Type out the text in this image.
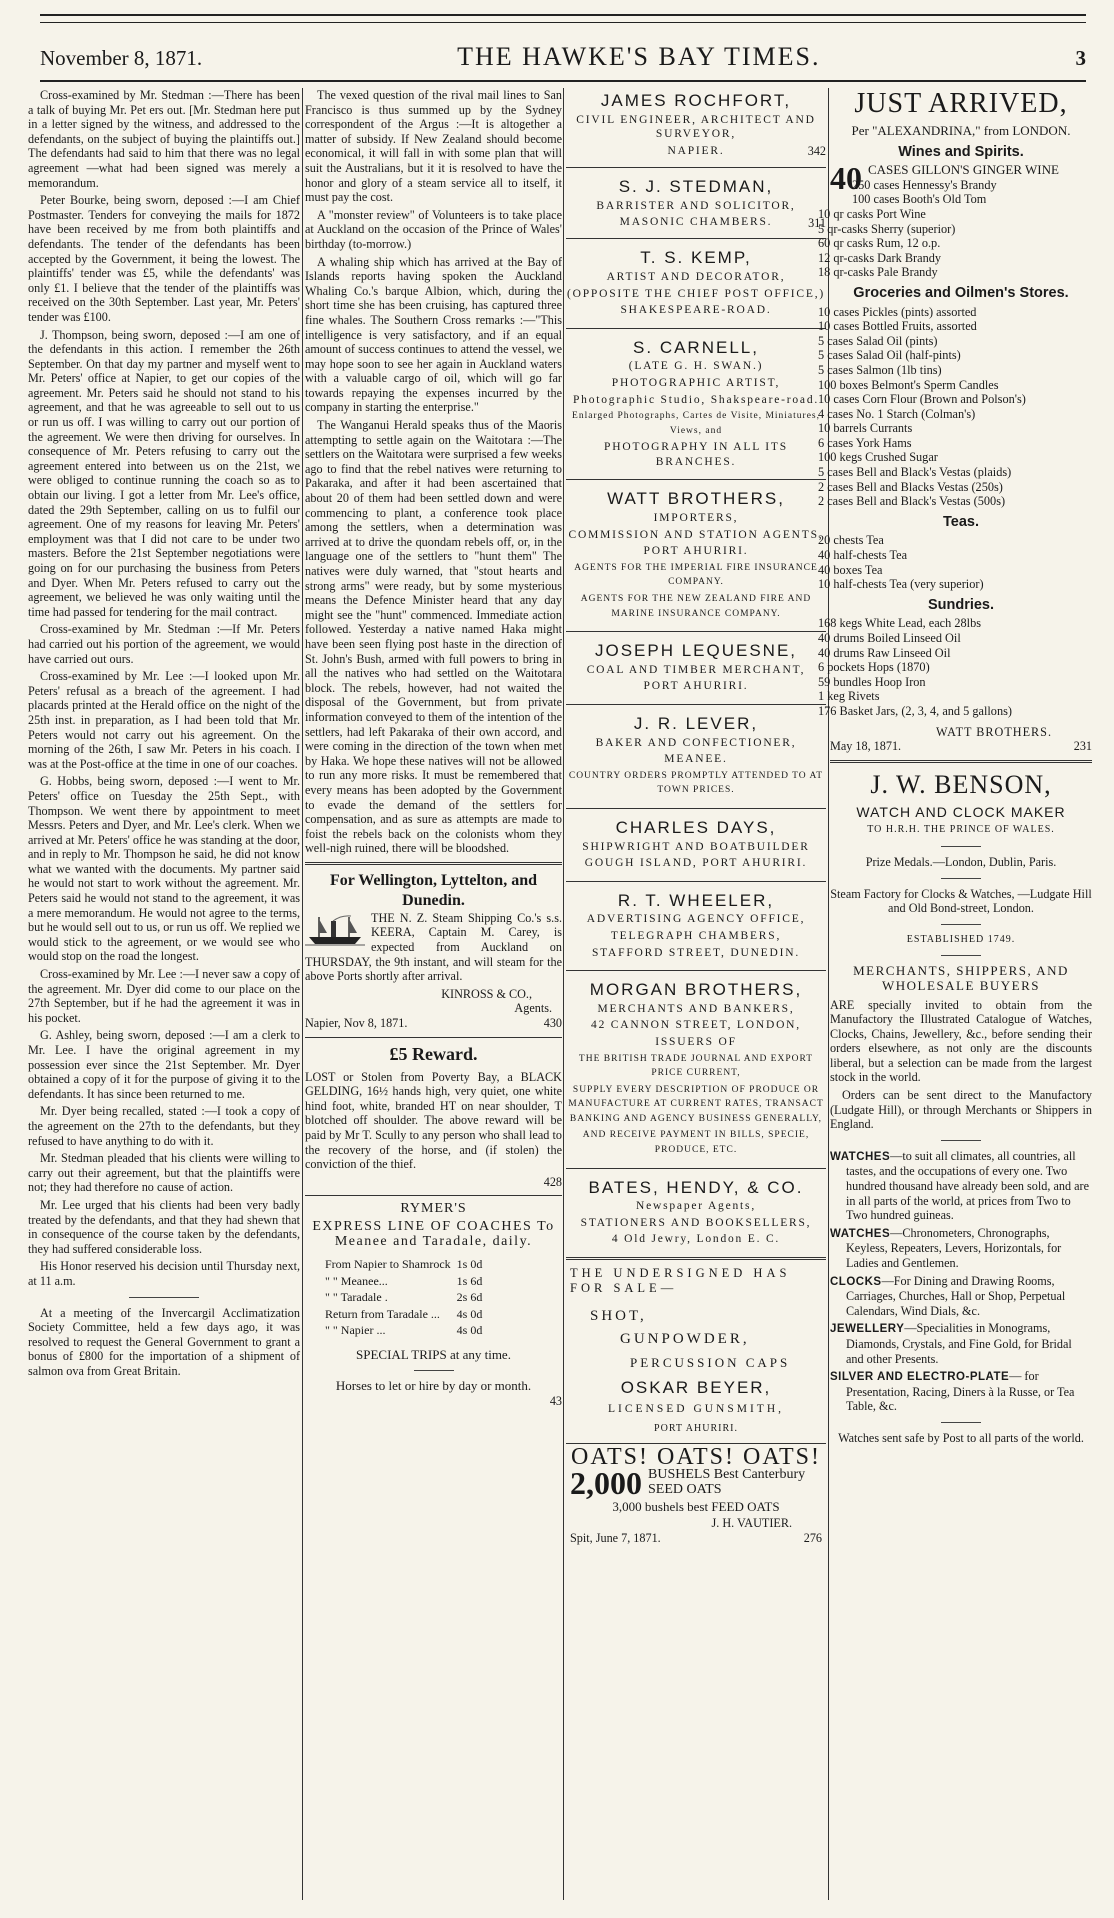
November 8, 1871.	THE HAWKE'S BAY TIMES.	3

Cross-examined by Mr. Stedman :—There has been a talk of buying Mr. Pet ers out. [Mr. Stedman here put in a letter signed by the witness, and addressed to the defendants, on the subject of buying the plaintiffs out.] The defendants had said to him that there was no legal agreement —what had been signed was merely a memorandum.

Peter Bourke, being sworn, deposed :—I am Chief Postmaster. Tenders for conveying the mails for 1872 have been received by me from both plaintiffs and defendants. The tender of the defendants has been accepted by the Government, it being the lowest. The plaintiffs' tender was £5, while the defendants' was only £1. I believe that the tender of the plaintiffs was received on the 30th September. Last year, Mr. Peters' tender was £100.

J. Thompson, being sworn, deposed :—I am one of the defendants in this action. I remember the 26th September. On that day my partner and myself went to Mr. Peters' office at Napier, to get our copies of the agreement. Mr. Peters said he should not stand to his agreement, and that he was agreeable to sell out to us or run us off. I was willing to carry out our portion of the agreement. We were then driving for ourselves. In consequence of Mr. Peters refusing to carry out the agreement entered into between us on the 21st, we were obliged to continue running the coach so as to obtain our living. I got a letter from Mr. Lee's office, dated the 29th September, calling on us to fulfil our agreement. One of my reasons for leaving Mr. Peters' employment was that I did not care to be under two masters. Before the 21st September negotiations were going on for our purchasing the business from Peters and Dyer. When Mr. Peters refused to carry out the agreement, we believed he was only waiting until the time had passed for tendering for the mail contract.

Cross-examined by Mr. Stedman :—If Mr. Peters had carried out his portion of the agreement, we would have carried out ours.

Cross-examined by Mr. Lee :—I looked upon Mr. Peters' refusal as a breach of the agreement. I had placards printed at the Herald office on the night of the 25th inst. in preparation, as I had been told that Mr. Peters would not carry out his agreement. On the morning of the 26th, I saw Mr. Peters in his coach. I was at the Post-office at the time in one of our coaches.

G. Hobbs, being sworn, deposed :—I went to Mr. Peters' office on Tuesday the 25th Sept., with Thompson. We went there by appointment to meet Messrs. Peters and Dyer, and Mr. Lee's clerk. When we arrived at Mr. Peters' office he was standing at the door, and in reply to Mr. Thompson he said, he did not know what we wanted with the documents. My partner said he would not start to work without the agreement. Mr. Peters said he would not stand to the agreement, it was a mere memorandum. He would not agree to the terms, but he would sell out to us, or run us off. We replied we would stick to the agreement, or we would see who would stop on the road the longest.

Cross-examined by Mr. Lee :—I never saw a copy of the agreement. Mr. Dyer did come to our place on the 27th September, but if he had the agreement it was in his pocket.

G. Ashley, being sworn, deposed :—I am a clerk to Mr. Lee. I have the original agreement in my possession ever since the 21st September. Mr. Dyer obtained a copy of it for the purpose of giving it to the defendants. It has since been returned to me.

Mr. Dyer being recalled, stated :—I took a copy of the agreement on the 27th to the defendants, but they refused to have anything to do with it.

Mr. Stedman pleaded that his clients were willing to carry out their agreement, but that the plaintiffs were not; they had therefore no cause of action.

Mr. Lee urged that his clients had been very badly treated by the defendants, and that they had shewn that in consequence of the course taken by the defendants, they had suffered considerable loss.

His Honor reserved his decision until Thursday next, at 11 a.m.

At a meeting of the Invercargil Acclimatization Society Committee, held a few days ago, it was resolved to request the General Government to grant a bonus of £800 for the importation of a shipment of salmon ova from Great Britain.

The vexed question of the rival mail lines to San Francisco is thus summed up by the Sydney correspondent of the Argus :—It is altogether a matter of subsidy. If New Zealand should become economical, it will fall in with some plan that will suit the Australians, but it it is resolved to have the honor and glory of a steam service all to itself, it must pay the cost.

A "monster review" of Volunteers is to take place at Auckland on the occasion of the Prince of Wales' birthday (to-morrow.)

A whaling ship which has arrived at the Bay of Islands reports having spoken the Auckland Whaling Co.'s barque Albion, which, during the short time she has been cruising, has captured three fine whales. The Southern Cross remarks :—"This intelligence is very satisfactory, and if an equal amount of success continues to attend the vessel, we may hope soon to see her again in Auckland waters with a valuable cargo of oil, which will go far towards repaying the expenses incurred by the company in starting the enterprise."

The Wanganui Herald speaks thus of the Maoris attempting to settle again on the Waitotara :—The settlers on the Waitotara were surprised a few weeks ago to find that the rebel natives were returning to Pakaraka, and after it had been ascertained that about 20 of them had been settled down and were commencing to plant, a conference took place among the settlers, when a determination was arrived at to drive the quondam rebels off, or, in the language one of the settlers to "hunt them" The natives were duly warned, that "stout hearts and strong arms" were ready, but by some mysterious means the Defence Minister heard that any day might see the "hunt" commenced. Immediate action followed. Yesterday a native named Haka might have been seen flying post haste in the direction of St. John's Bush, armed with full powers to bring in all the natives who had settled on the Waitotara block. The rebels, however, had not waited the disposal of the Government, but from private information conveyed to them of the intention of the settlers, had left Pakaraka of their own accord, and were coming in the direction of the town when met by Haka. We hope these natives will not be allowed to run any more risks. It must be remembered that every means has been adopted by the Government to evade the demand of the settlers for compensation, and as sure as attempts are made to foist the rebels back on the colonists whom they well-nigh ruined, there will be bloodshed.

For Wellington, Lyttelton, and Dunedin.

THE N. Z. Steam Shipping Co.'s s.s. KEERA, Captain M. Carey, is expected from Auckland on THURSDAY, the 9th instant, and will steam for the above Ports shortly after arrival.

KINROSS & CO.,
Agents.
Napier, Nov 8, 1871.	430
£5 Reward.

LOST or Stolen from Poverty Bay, a BLACK GELDING, 16½ hands high, very quiet, one white hind foot, white, branded HT on near shoulder, T blotched off shoulder. The above reward will be paid by Mr T. Scully to any person who shall lead to the recovery of the horse, and (if stolen) the conviction of the thief.

428
RYMER'S
EXPRESS LINE OF COACHES To Meanee and Taradale, daily.
From Napier to Shamrock	1s 0d
" " Meanee...	1s 6d
" " Taradale .	2s 6d
Return from Taradale ...	4s 0d
" " Napier ...	4s 0d
SPECIAL TRIPS at any time.
Horses to let or hire by day or month.
43
JAMES ROCHFORT,
CIVIL ENGINEER, ARCHITECT AND SURVEYOR,
NAPIER.	342
S. J. STEDMAN,
BARRISTER AND SOLICITOR,
MASONIC CHAMBERS.	311
T. S. KEMP,
ARTIST AND DECORATOR,
(OPPOSITE THE CHIEF POST OFFICE,)
SHAKESPEARE-ROAD.
S. CARNELL,
(LATE G. H. SWAN.)
PHOTOGRAPHIC ARTIST,
Photographic Studio, Shakspeare-road.
Enlarged Photographs, Cartes de Visite, Miniatures, Views, and
PHOTOGRAPHY IN ALL ITS BRANCHES.
WATT BROTHERS,
IMPORTERS,
COMMISSION AND STATION AGENTS,
PORT AHURIRI.
AGENTS FOR THE IMPERIAL FIRE INSURANCE COMPANY.
AGENTS FOR THE NEW ZEALAND FIRE AND MARINE INSURANCE COMPANY.
JOSEPH LEQUESNE,
COAL AND TIMBER MERCHANT,
PORT AHURIRI.
J. R. LEVER,
BAKER AND CONFECTIONER,
MEANEE.
COUNTRY ORDERS PROMPTLY ATTENDED TO AT TOWN PRICES.
CHARLES DAYS,
SHIPWRIGHT AND BOATBUILDER
GOUGH ISLAND, PORT AHURIRI.
R. T. WHEELER,
ADVERTISING AGENCY OFFICE,
TELEGRAPH CHAMBERS,
STAFFORD STREET, DUNEDIN.
MORGAN BROTHERS,
MERCHANTS AND BANKERS,
42 CANNON STREET, LONDON,
ISSUERS OF
THE BRITISH TRADE JOURNAL AND EXPORT PRICE CURRENT,
SUPPLY EVERY DESCRIPTION OF PRODUCE OR MANUFACTURE AT CURRENT RATES, TRANSACT BANKING AND AGENCY BUSINESS GENERALLY,
AND RECEIVE PAYMENT IN BILLS, SPECIE, PRODUCE, ETC.
BATES, HENDY, & CO.
Newspaper Agents,
STATIONERS AND BOOKSELLERS,
4 Old Jewry, London E. C.
THE UNDERSIGNED HAS FOR SALE—
SHOT,
GUNPOWDER,
PERCUSSION CAPS
OSKAR BEYER,
LICENSED GUNSMITH,
PORT AHURIRI.
OATS! OATS! OATS!
2,000 BUSHELS Best Canterbury SEED OATS
3,000 bushels best FEED OATS
J. H. VAUTIER.
Spit, June 7, 1871.	276
JUST ARRIVED,
Per "ALEXANDRINA," from LONDON.
Wines and Spirits.
40 CASES GILLON'S GINGER WINE
250 cases Hennessy's Brandy
100 cases Booth's Old Tom
10 qr casks Port Wine
5 qr-casks Sherry (superior)
60 qr casks Rum, 12 o.p.
12 qr-casks Dark Brandy
18 qr-casks Pale Brandy
Groceries and Oilmen's Stores.
10 cases Pickles (pints) assorted
10 cases Bottled Fruits, assorted
5 cases Salad Oil (pints)
5 cases Salad Oil (half-pints)
5 cases Salmon (1lb tins)
100 boxes Belmont's Sperm Candles
10 cases Corn Flour (Brown and Polson's)
4 cases No. 1 Starch (Colman's)
10 barrels Currants
6 cases York Hams
100 kegs Crushed Sugar
5 cases Bell and Black's Vestas (plaids)
2 cases Bell and Blacks Vestas (250s)
2 cases Bell and Black's Vestas (500s)
Teas.
20 chests Tea
40 half-chests Tea
40 boxes Tea
10 half-chests Tea (very superior)
Sundries.
168 kegs White Lead, each 28lbs
40 drums Boiled Linseed Oil
40 drums Raw Linseed Oil
6 pockets Hops (1870)
59 bundles Hoop Iron
1 keg Rivets
176 Basket Jars, (2, 3, 4, and 5 gallons)
WATT BROTHERS.
May 18, 1871.	231
J. W. BENSON,
WATCH AND CLOCK MAKER
TO H.R.H. THE PRINCE OF WALES.
Prize Medals.—London, Dublin, Paris.
Steam Factory for Clocks & Watches, —Ludgate Hill and Old Bond-street, London.
ESTABLISHED 1749.
MERCHANTS, SHIPPERS, AND WHOLESALE BUYERS

ARE specially invited to obtain from the Manufactory the Illustrated Catalogue of Watches, Clocks, Chains, Jewellery, &c., before sending their orders elsewhere, as not only are the discounts liberal, but a selection can be made from the largest stock in the world.

Orders can be sent direct to the Manufactory (Ludgate Hill), or through Merchants or Shippers in England.

WATCHES—to suit all climates, all countries, all tastes, and the occupations of every one. Two hundred thousand have already been sold, and are in all parts of the world, at prices from Two to Two hundred guineas.

WATCHES—Chronometers, Chronographs, Keyless, Repeaters, Levers, Horizontals, for Ladies and Gentlemen.

CLOCKS—For Dining and Drawing Rooms, Carriages, Churches, Hall or Shop, Perpetual Calendars, Wind Dials, &c.

JEWELLERY—Specialities in Monograms, Diamonds, Crystals, and Fine Gold, for Bridal and other Presents.

SILVER AND ELECTRO-PLATE— for Presentation, Racing, Diners à la Russe, or Tea Table, &c.

Watches sent safe by Post to all parts of the world.
